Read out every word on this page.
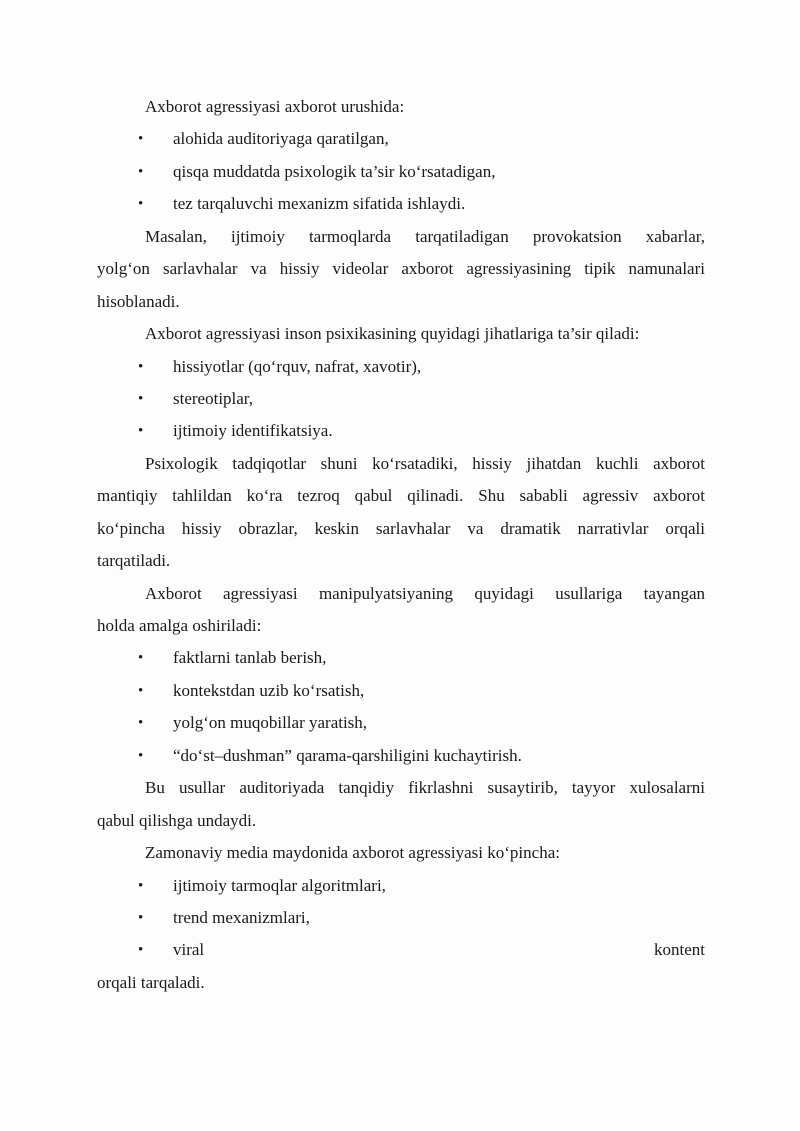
Axborot agressiyasi axborot urushida:
• alohida auditoriyaga qaratilgan,
• qisqa muddatda psixologik ta’sir koʻrsatadigan,
• tez tarqaluvchi mexanizm sifatida ishlaydi.
Masalan, ijtimoiy tarmoqlarda tarqatiladigan provokatsion xabarlar,
yolgʻon sarlavhalar va hissiy videolar axborot agressiyasining tipik namunalari
hisoblanadi.
Axborot agressiyasi inson psixikasining quyidagi jihatlariga ta’sir qiladi:
• hissiyotlar (qoʻrquv, nafrat, xavotir),
• stereotiplar,
• ijtimoiy identifikatsiya.
Psixologik tadqiqotlar shuni koʻrsatadiki, hissiy jihatdan kuchli axborot
mantiqiy tahlildan koʻra tezroq qabul qilinadi. Shu sababli agressiv axborot
koʻpincha hissiy obrazlar, keskin sarlavhalar va dramatik narrativlar orqali
tarqatiladi.
Axborot agressiyasi manipulyatsiyaning quyidagi usullariga tayangan
holda amalga oshiriladi:
• faktlarni tanlab berish,
• kontekstdan uzib koʻrsatish,
• yolgʻon muqobillar yaratish,
• “doʻst–dushman” qarama-qarshiligini kuchaytirish.
Bu usullar auditoriyada tanqidiy fikrlashni susaytirib, tayyor xulosalarni
qabul qilishga undaydi.
Zamonaviy media maydonida axborot agressiyasi koʻpincha:
• ijtimoiy tarmoqlar algoritmlari,
• trend mexanizmlari,
• viral	kontent
orqali tarqaladi.
